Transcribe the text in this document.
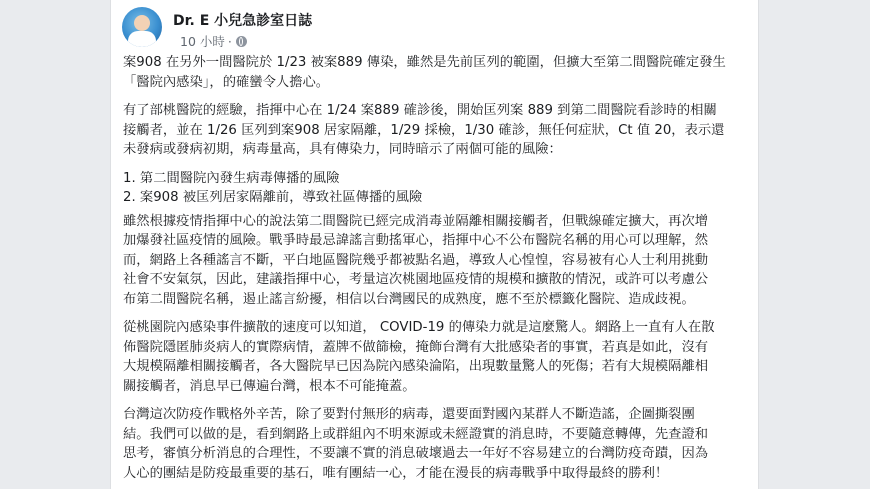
Dr. E 小兒急診室日誌
10 小時 ·
案908 在另外一間醫院於 1/23 被案889 傳染，雖然是先前匡列的範圍，但擴大至第二間醫院確定發生
「醫院內感染」，的確蠻令人擔心。
有了部桃醫院的經驗，指揮中心在 1/24 案889 確診後，開始匡列案 889 到第二間醫院看診時的相關
接觸者，並在 1/26 匡列到案908 居家隔離，1/29 採檢，1/30 確診，無任何症狀，Ct 值 20，表示還
未發病或發病初期，病毒量高，具有傳染力，同時暗示了兩個可能的風險：
1. 第二間醫院內發生病毒傳播的風險
2. 案908 被匡列居家隔離前，導致社區傳播的風險
雖然根據疫情指揮中心的說法第二間醫院已經完成消毒並隔離相關接觸者，但戰線確定擴大，再次增
加爆發社區疫情的風險。戰爭時最忌諱謠言動搖軍心，指揮中心不公布醫院名稱的用心可以理解，然
而，網路上各種謠言不斷，平白地區醫院幾乎都被點名過，導致人心惶惶，容易被有心人士利用挑動
社會不安氣氛，因此，建議指揮中心，考量這次桃園地區疫情的規模和擴散的情況，或許可以考慮公
布第二間醫院名稱，遏止謠言紛擾，相信以台灣國民的成熟度，應不至於標籤化醫院、造成歧視。
從桃園院內感染事件擴散的速度可以知道， COVID-19 的傳染力就是這麼驚人。網路上一直有人在散
佈醫院隱匿肺炎病人的實際病情，蓋牌不做篩檢，掩飾台灣有大批感染者的事實，若真是如此，沒有
大規模隔離相關接觸者，各大醫院早已因為院內感染淪陷，出現數量驚人的死傷；若有大規模隔離相
關接觸者，消息早已傳遍台灣，根本不可能掩蓋。
台灣這次防疫作戰格外辛苦，除了要對付無形的病毒，還要面對國內某群人不斷造謠，企圖撕裂團
結。我們可以做的是，看到網路上或群組內不明來源或未經證實的消息時，不要隨意轉傳，先查證和
思考，審慎分析消息的合理性，不要讓不實的消息破壞過去一年好不容易建立的台灣防疫奇蹟，因為
人心的團結是防疫最重要的基石，唯有團結一心，才能在漫長的病毒戰爭中取得最終的勝利！
